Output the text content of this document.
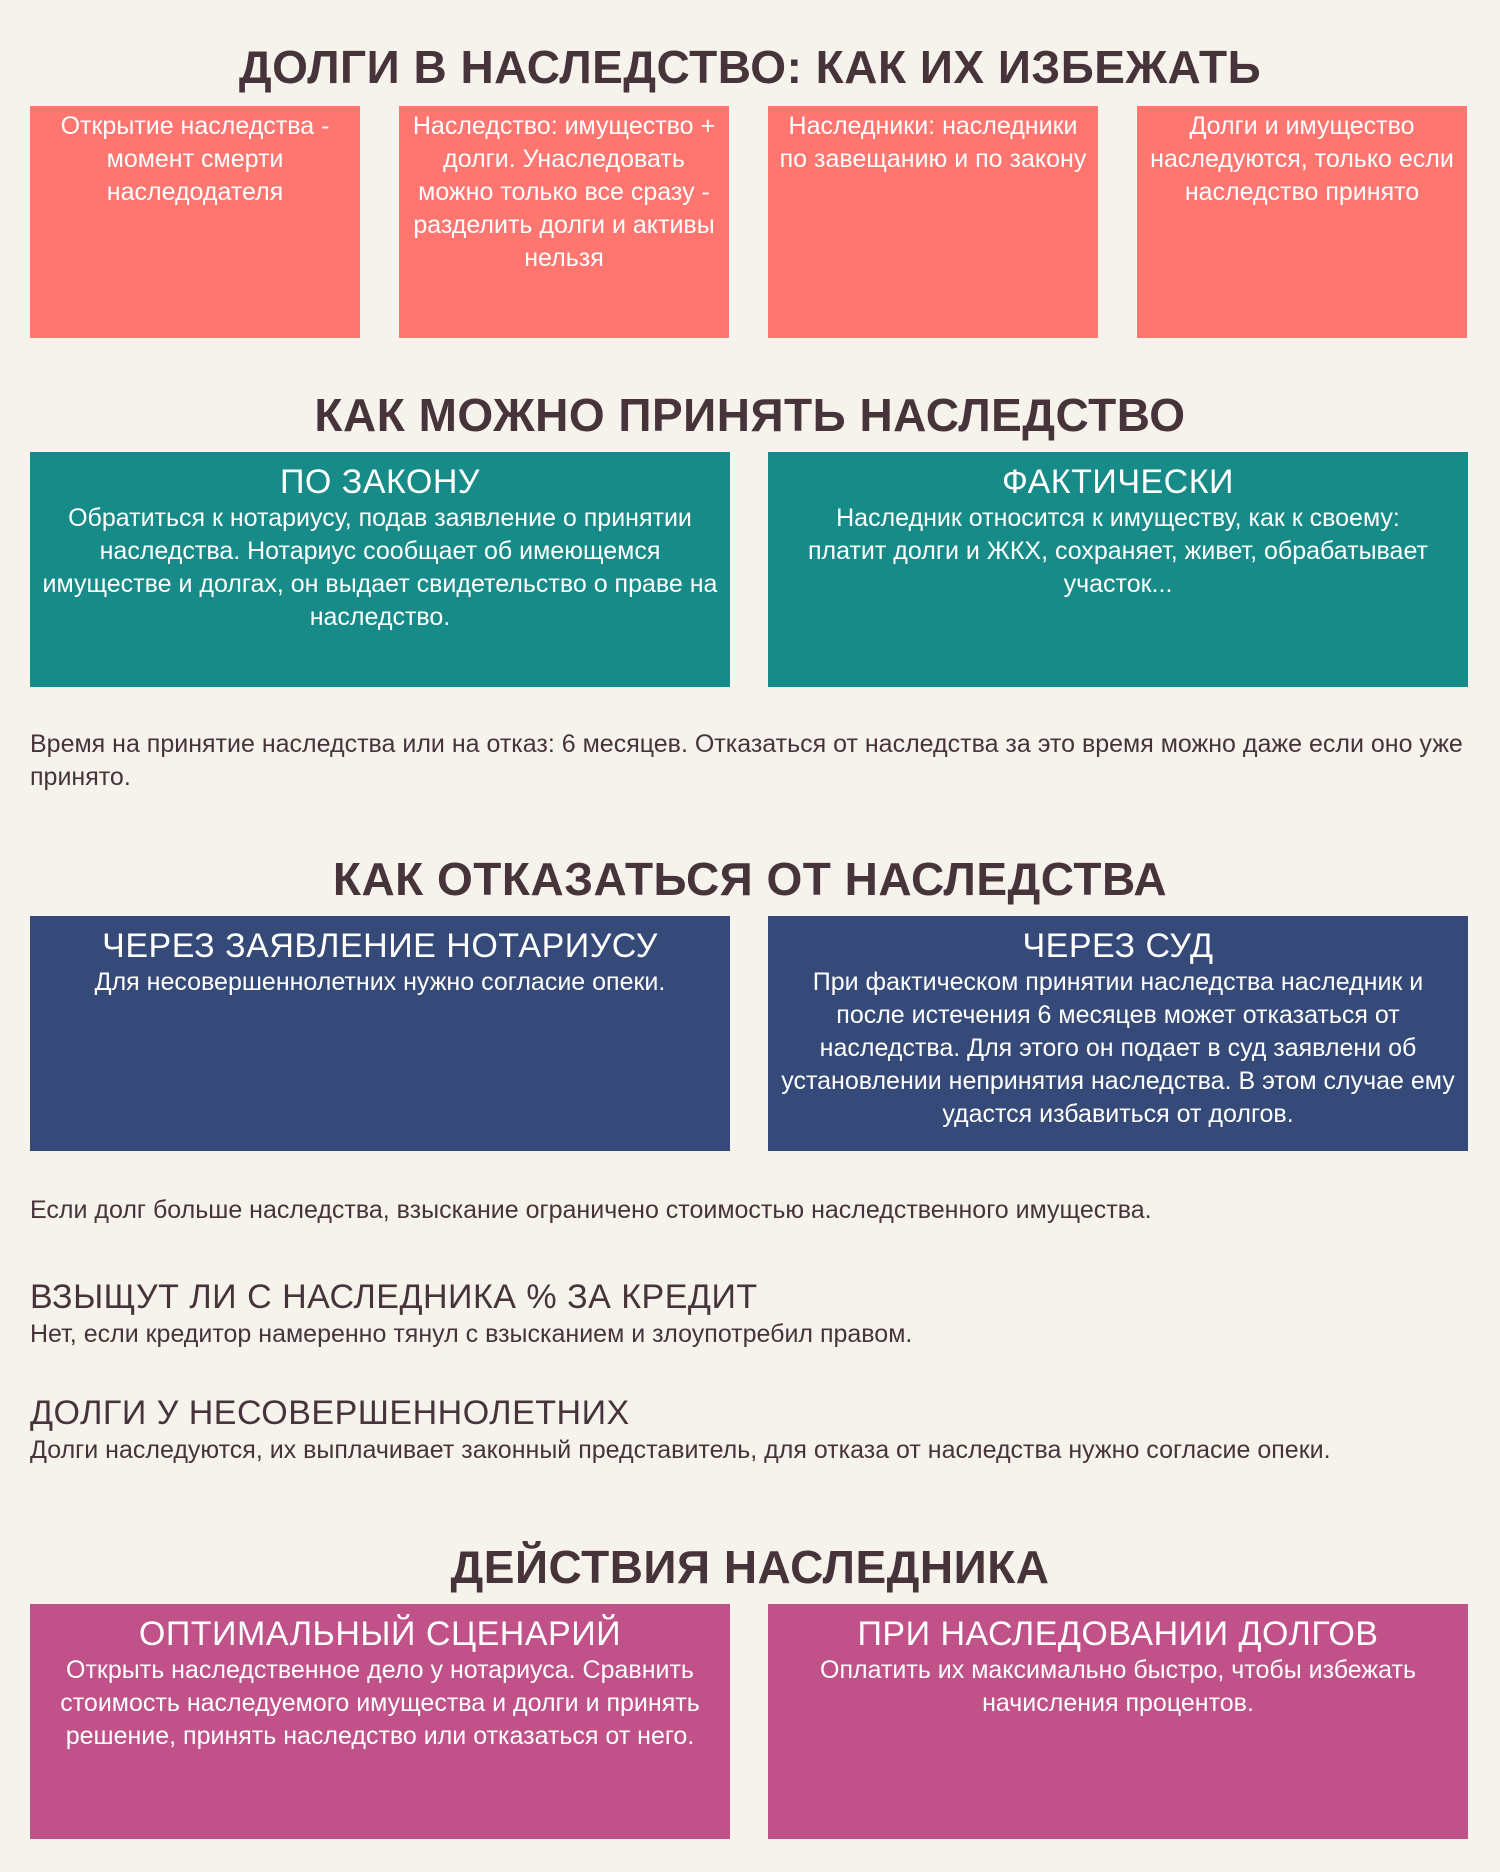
ДОЛГИ В НАСЛЕДСТВО: КАК ИХ ИЗБЕЖАТЬ
Открытие наследства - момент смерти наследодателя
Наследство: имущество + долги. Унаследовать можно только все сразу - разделить долги и активы нельзя
Наследники: наследники по завещанию и по закону
Долги и имущество наследуются, только если наследство принято
КАК МОЖНО ПРИНЯТЬ НАСЛЕДСТВО
ПО ЗАКОНУ
Обратиться к нотариусу, подав заявление о принятии наследства. Нотариус сообщает об имеющемся имуществе и долгах, он выдает свидетельство о праве на наследство.
ФАКТИЧЕСКИ
Наследник относится к имуществу, как к своему: платит долги и ЖКХ, сохраняет, живет, обрабатывает участок...
Время на принятие наследства или на отказ: 6 месяцев. Отказаться от наследства за это время можно даже если оно уже принято.
КАК ОТКАЗАТЬСЯ ОТ НАСЛЕДСТВА
ЧЕРЕЗ ЗАЯВЛЕНИЕ НОТАРИУСУ
Для несовершеннолетних нужно согласие опеки.
ЧЕРЕЗ СУД
При фактическом принятии наследства наследник и после истечения 6 месяцев может отказаться от наследства. Для этого он подает в суд заявлени об установлении непринятия наследства. В этом случае ему удастся избавиться от долгов.
Если долг больше наследства, взыскание ограничено стоимостью наследственного имущества.
ВЗЫЩУТ ЛИ С НАСЛЕДНИКА % ЗА КРЕДИТ
Нет, если кредитор намеренно тянул с взысканием и злоупотребил правом.
ДОЛГИ У НЕСОВЕРШЕННОЛЕТНИХ
Долги наследуются, их выплачивает законный представитель, для отказа от наследства нужно согласие опеки.
ДЕЙСТВИЯ НАСЛЕДНИКА
ОПТИМАЛЬНЫЙ СЦЕНАРИЙ
Открыть наследственное дело у нотариуса. Сравнить стоимость наследуемого имущества и долги и принять решение, принять наследство или отказаться от него.
ПРИ НАСЛЕДОВАНИИ ДОЛГОВ
Оплатить их максимально быстро, чтобы избежать начисления процентов.
